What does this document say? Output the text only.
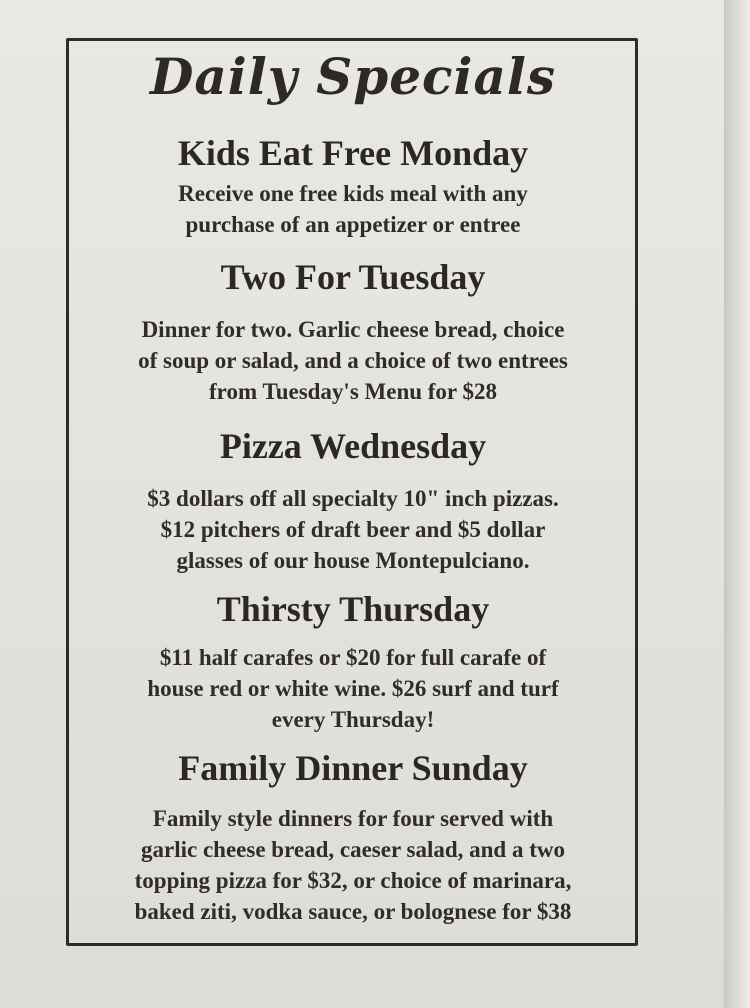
Daily Specials
Kids Eat Free Monday

Receive one free kids meal with any
purchase of an appetizer or entree

Two For Tuesday

Dinner for two. Garlic cheese bread, choice
of soup or salad, and a choice of two entrees
from Tuesday's Menu for $28

Pizza Wednesday

$3 dollars off all specialty 10" inch pizzas.
$12 pitchers of draft beer and $5 dollar
glasses of our house Montepulciano.

Thirsty Thursday

$11 half carafes or $20 for full carafe of
house red or white wine. $26 surf and turf
every Thursday!

Family Dinner Sunday

Family style dinners for four served with
garlic cheese bread, caeser salad, and a two
topping pizza for $32, or choice of marinara,
baked ziti, vodka sauce, or bolognese for $38
